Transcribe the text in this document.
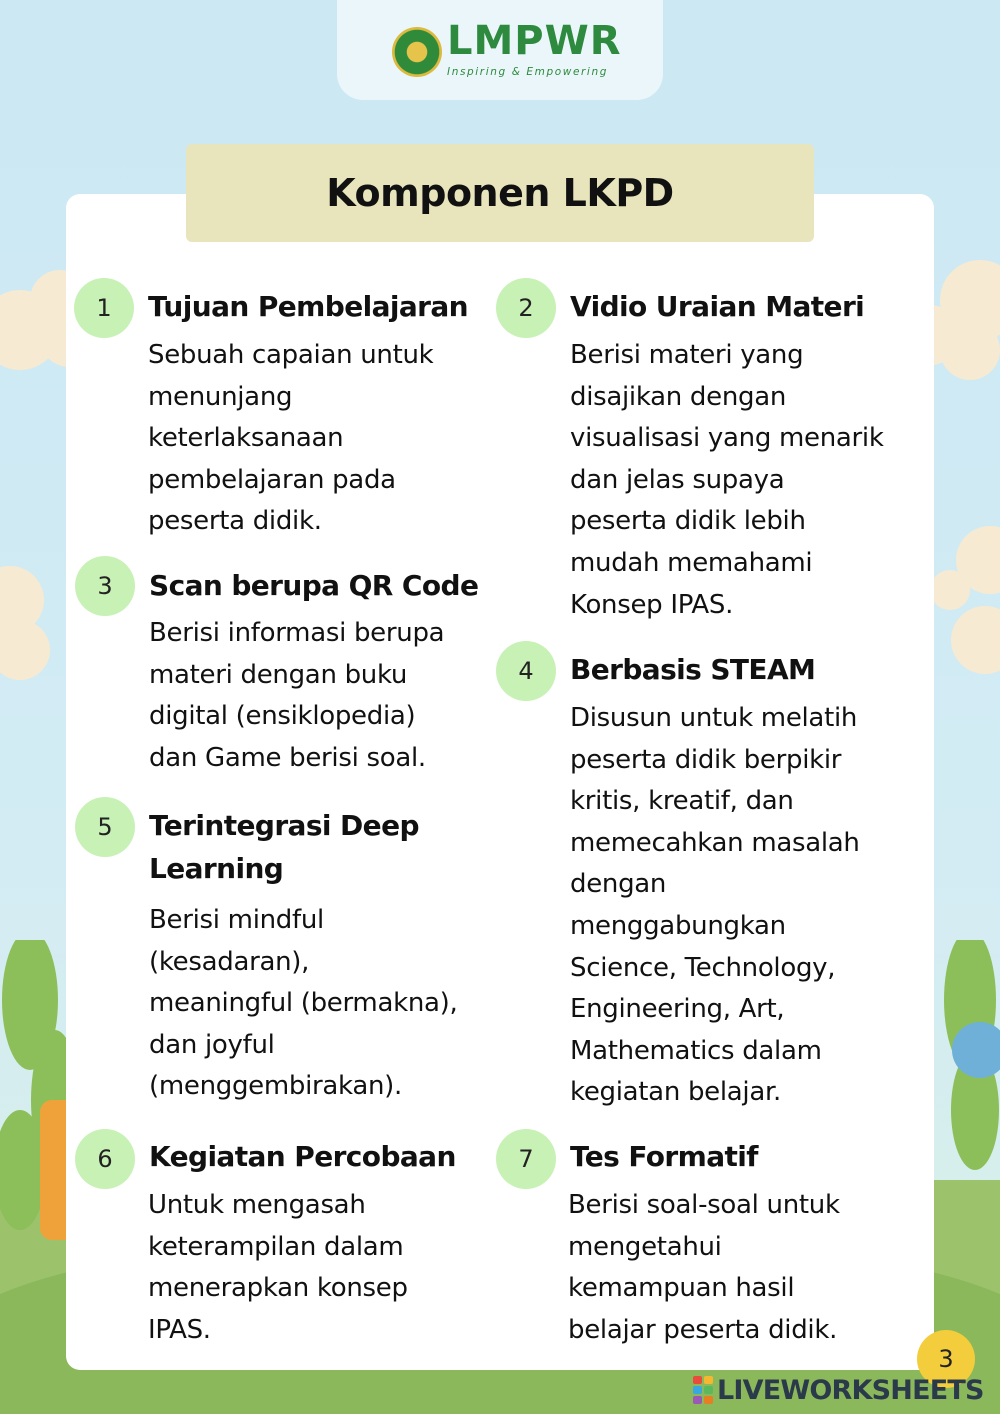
LMPWR
Inspiring & Empowering
Komponen LKPD
1	Tujuan Pembelajaran
Sebuah capaian untuk
menunjang
keterlaksanaan
pembelajaran pada
peserta didik.
2	Vidio Uraian Materi
Berisi materi yang
disajikan dengan
visualisasi yang menarik
dan jelas supaya
peserta didik lebih
mudah memahami
Konsep IPAS.
3	Scan berupa QR Code
Berisi informasi berupa
materi dengan buku
digital (ensiklopedia)
dan Game berisi soal.
4	Berbasis STEAM
Disusun untuk melatih
peserta didik berpikir
kritis, kreatif, dan
memecahkan masalah
dengan
menggabungkan
Science, Technology,
Engineering, Art,
Mathematics dalam
kegiatan belajar.
5	Terintegrasi Deep
Learning
Berisi mindful
(kesadaran),
meaningful (bermakna),
dan joyful
(menggembirakan).
6	Kegiatan Percobaan
Untuk mengasah
keterampilan dalam
menerapkan konsep
IPAS.
7	Tes Formatif
Berisi soal-soal untuk
mengetahui
kemampuan hasil
belajar peserta didik.
3
LIVEWORKSHEETS
